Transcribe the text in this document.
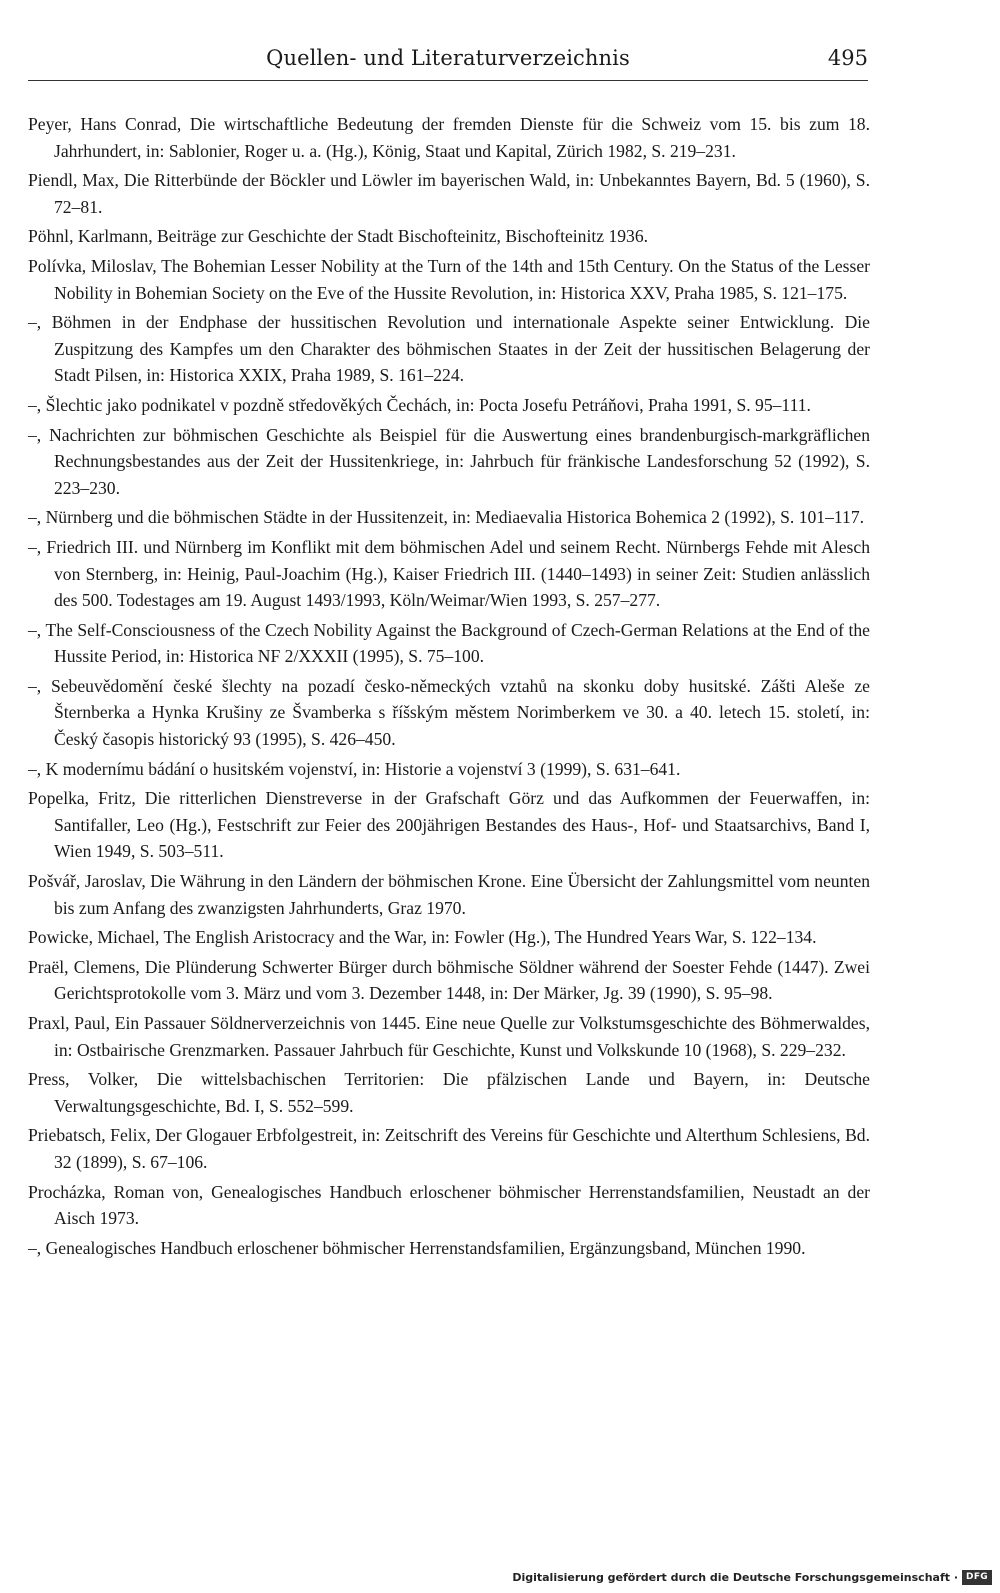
Quellen- und Literaturverzeichnis	495

Peyer, Hans Conrad, Die wirtschaftliche Bedeutung der fremden Dienste für die Schweiz vom 15. bis zum 18. Jahrhundert, in: Sablonier, Roger u. a. (Hg.), König, Staat und Kapital, Zürich 1982, S. 219–231.

Piendl, Max, Die Ritterbünde der Böckler und Löwler im bayerischen Wald, in: Unbekanntes Bayern, Bd. 5 (1960), S. 72–81.

Pöhnl, Karlmann, Beiträge zur Geschichte der Stadt Bischofteinitz, Bischofteinitz 1936.

Polívka, Miloslav, The Bohemian Lesser Nobility at the Turn of the 14th and 15th Century. On the Status of the Lesser Nobility in Bohemian Society on the Eve of the Hussite Revolution, in: Historica XXV, Praha 1985, S. 121–175.

–, Böhmen in der Endphase der hussitischen Revolution und internationale Aspekte seiner Entwicklung. Die Zuspitzung des Kampfes um den Charakter des böhmischen Staates in der Zeit der hussitischen Belagerung der Stadt Pilsen, in: Historica XXIX, Praha 1989, S. 161–224.

–, Šlechtic jako podnikatel v pozdně středověkých Čechách, in: Pocta Josefu Petráňovi, Praha 1991, S. 95–111.

–, Nachrichten zur böhmischen Geschichte als Beispiel für die Auswertung eines brandenburgisch-markgräflichen Rechnungsbestandes aus der Zeit der Hussitenkriege, in: Jahrbuch für fränkische Landesforschung 52 (1992), S. 223–230.

–, Nürnberg und die böhmischen Städte in der Hussitenzeit, in: Mediaevalia Historica Bohemica 2 (1992), S. 101–117.

–, Friedrich III. und Nürnberg im Konflikt mit dem böhmischen Adel und seinem Recht. Nürnbergs Fehde mit Alesch von Sternberg, in: Heinig, Paul-Joachim (Hg.), Kaiser Friedrich III. (1440–1493) in seiner Zeit: Studien anlässlich des 500. Todestages am 19. August 1493/1993, Köln/Weimar/Wien 1993, S. 257–277.

–, The Self-Consciousness of the Czech Nobility Against the Background of Czech-German Relations at the End of the Hussite Period, in: Historica NF 2/XXXII (1995), S. 75–100.

–, Sebeuvědomění české šlechty na pozadí česko-německých vztahů na skonku doby husitské. Zášti Aleše ze Šternberka a Hynka Krušiny ze Švamberka s říšským městem Norimberkem ve 30. a 40. letech 15. století, in: Český časopis historický 93 (1995), S. 426–450.

–, K modernímu bádání o husitském vojenství, in: Historie a vojenství 3 (1999), S. 631–641.

Popelka, Fritz, Die ritterlichen Dienstreverse in der Grafschaft Görz und das Aufkommen der Feuerwaffen, in: Santifaller, Leo (Hg.), Festschrift zur Feier des 200jährigen Bestandes des Haus-, Hof- und Staatsarchivs, Band I, Wien 1949, S. 503–511.

Pošvář, Jaroslav, Die Währung in den Ländern der böhmischen Krone. Eine Übersicht der Zahlungsmittel vom neunten bis zum Anfang des zwanzigsten Jahrhunderts, Graz 1970.

Powicke, Michael, The English Aristocracy and the War, in: Fowler (Hg.), The Hundred Years War, S. 122–134.

Praël, Clemens, Die Plünderung Schwerter Bürger durch böhmische Söldner während der Soester Fehde (1447). Zwei Gerichtsprotokolle vom 3. März und vom 3. Dezember 1448, in: Der Märker, Jg. 39 (1990), S. 95–98.

Praxl, Paul, Ein Passauer Söldnerverzeichnis von 1445. Eine neue Quelle zur Volkstumsgeschichte des Böhmerwaldes, in: Ostbairische Grenzmarken. Passauer Jahrbuch für Geschichte, Kunst und Volkskunde 10 (1968), S. 229–232.

Press, Volker, Die wittelsbachischen Territorien: Die pfälzischen Lande und Bayern, in: Deutsche Verwaltungsgeschichte, Bd. I, S. 552–599.

Priebatsch, Felix, Der Glogauer Erbfolgestreit, in: Zeitschrift des Vereins für Geschichte und Alterthum Schlesiens, Bd. 32 (1899), S. 67–106.

Procházka, Roman von, Genealogisches Handbuch erloschener böhmischer Herrenstandsfamilien, Neustadt an der Aisch 1973.

–, Genealogisches Handbuch erloschener böhmischer Herrenstandsfamilien, Ergänzungsband, München 1990.

Digitalisierung gefördert durch die Deutsche Forschungsgemeinschaft · DFG
